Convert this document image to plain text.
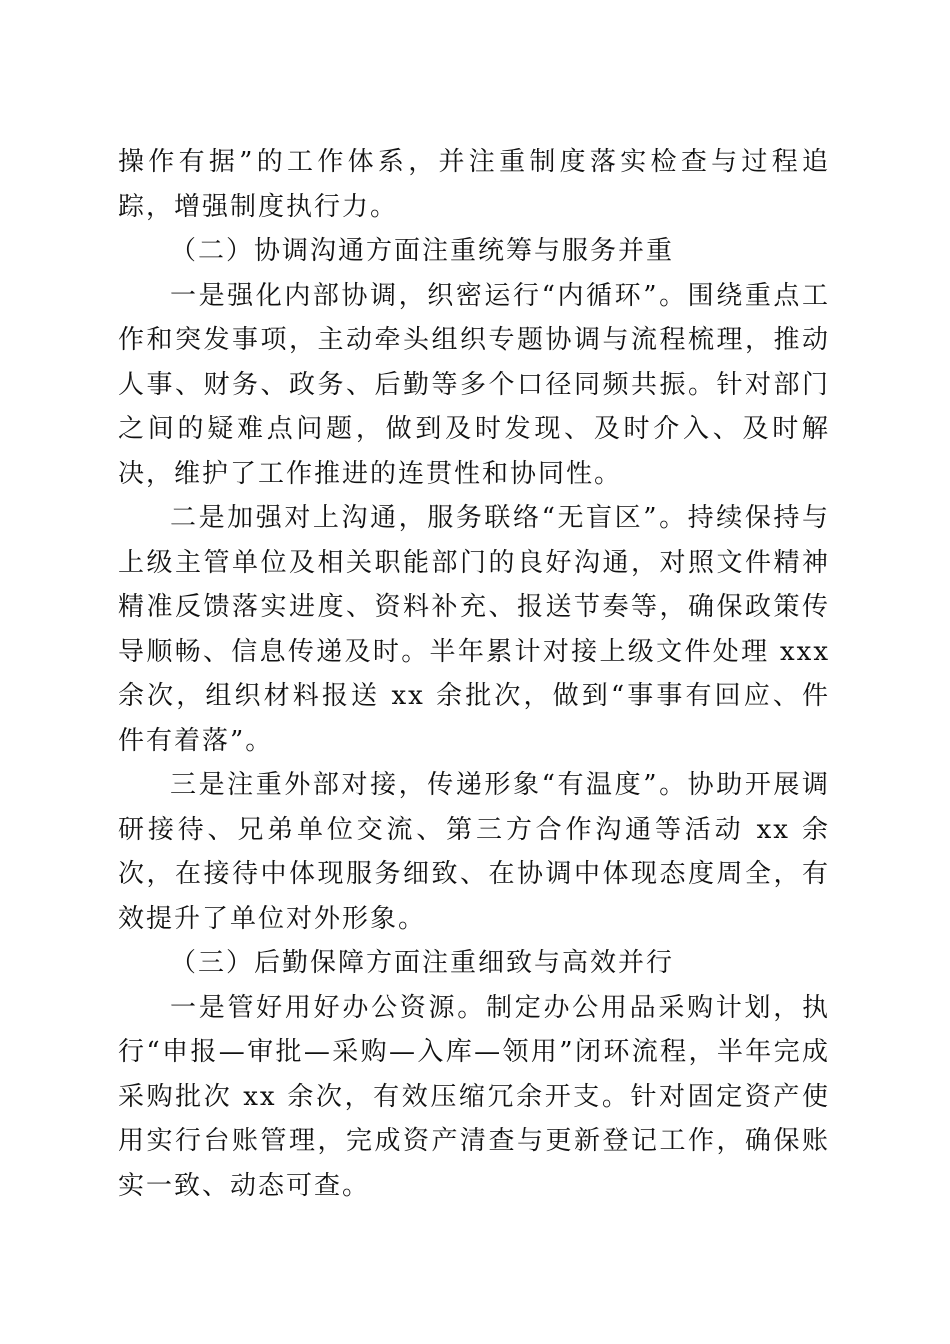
操作有据”的工作体系，并注重制度落实检查与过程追踪，增强制度执行力。

（二）协调沟通方面注重统筹与服务并重

一是强化内部协调，织密运行“内循环”。围绕重点工作和突发事项，主动牵头组织专题协调与流程梳理，推动人事、财务、政务、后勤等多个口径同频共振。针对部门之间的疑难点问题，做到及时发现、及时介入、及时解决，维护了工作推进的连贯性和协同性。

二是加强对上沟通，服务联络“无盲区”。持续保持与上级主管单位及相关职能部门的良好沟通，对照文件精神精准反馈落实进度、资料补充、报送节奏等，确保政策传导顺畅、信息传递及时。半年累计对接上级文件处理 xxx 余次，组织材料报送 xx 余批次，做到“事事有回应、件件有着落”。

三是注重外部对接，传递形象“有温度”。协助开展调研接待、兄弟单位交流、第三方合作沟通等活动 xx 余次，在接待中体现服务细致、在协调中体现态度周全，有效提升了单位对外形象。

（三）后勤保障方面注重细致与高效并行

一是管好用好办公资源。制定办公用品采购计划，执行“申报—审批—采购—入库—领用”闭环流程，半年完成采购批次 xx 余次，有效压缩冗余开支。针对固定资产使用实行台账管理，完成资产清查与更新登记工作，确保账实一致、动态可查。
